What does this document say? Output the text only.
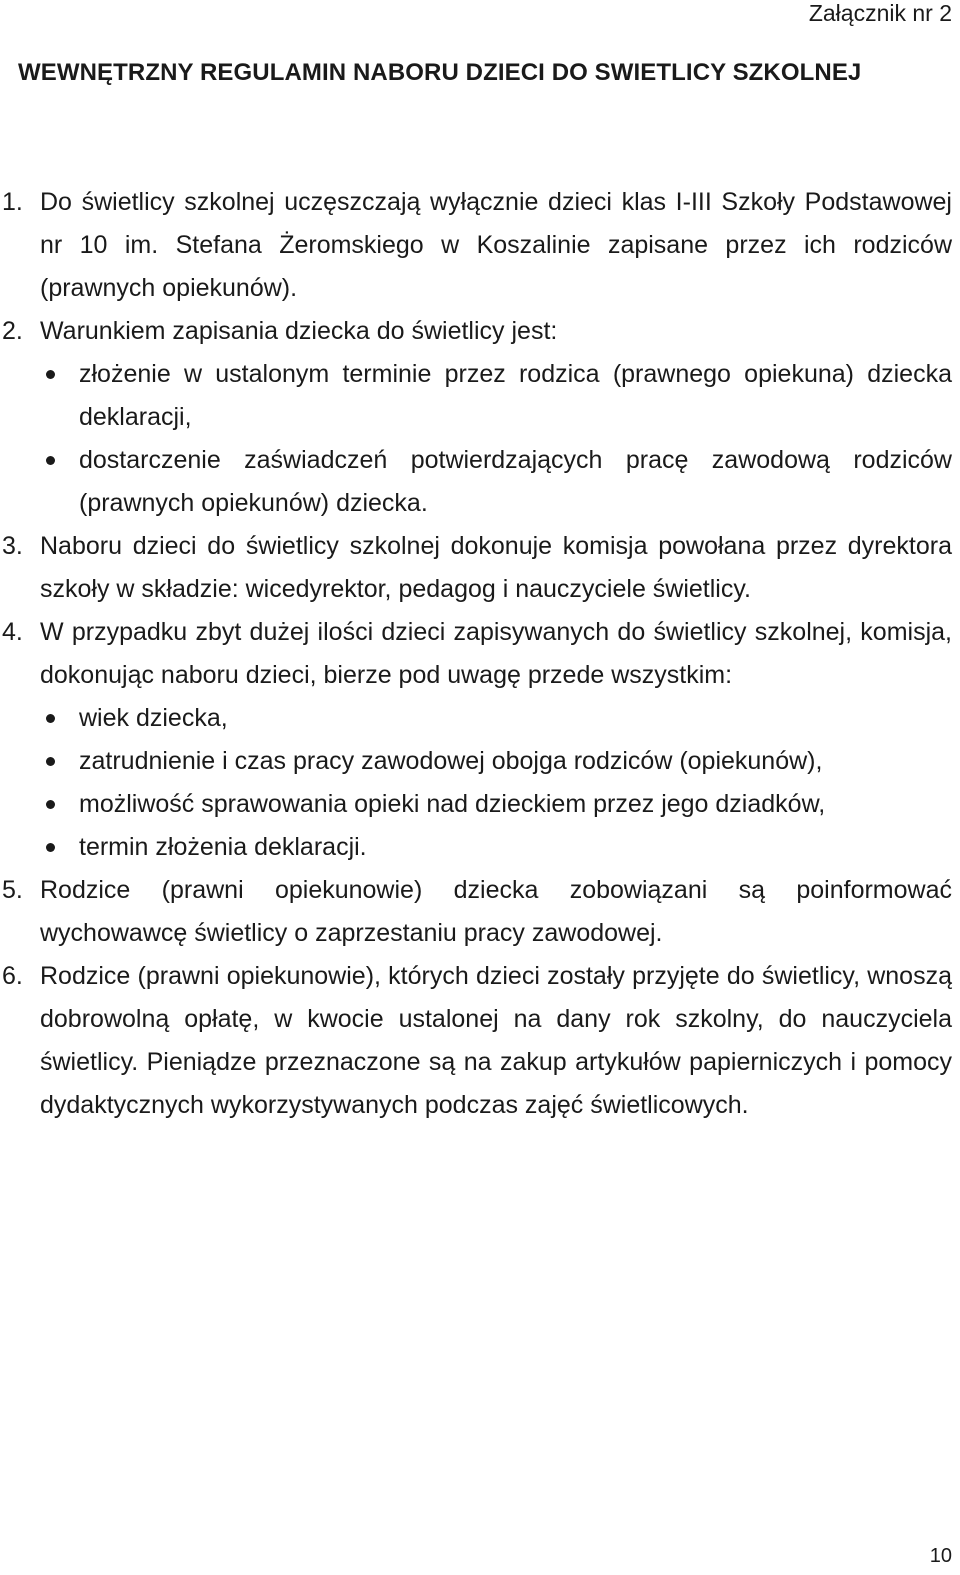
Załącznik nr 2
WEWNĘTRZNY REGULAMIN NABORU DZIECI DO SWIETLICY SZKOLNEJ
1. Do świetlicy szkolnej uczęszczają wyłącznie dzieci klas I-III Szkoły Podstawowej nr 10 im. Stefana Żeromskiego w Koszalinie zapisane przez ich rodziców (prawnych opiekunów).
2. Warunkiem zapisania dziecka do świetlicy jest:
złożenie w ustalonym terminie przez rodzica (prawnego opiekuna) dziecka deklaracji,
dostarczenie zaświadczeń potwierdzających pracę zawodową rodziców (prawnych opiekunów) dziecka.
3. Naboru dzieci do świetlicy szkolnej dokonuje komisja powołana przez dyrektora szkoły w składzie: wicedyrektor, pedagog i nauczyciele świetlicy.
4. W przypadku zbyt dużej ilości dzieci zapisywanych do świetlicy szkolnej, komisja, dokonując naboru dzieci, bierze pod uwagę przede wszystkim:
wiek dziecka,
zatrudnienie i czas pracy zawodowej obojga rodziców (opiekunów),
możliwość sprawowania opieki nad dzieckiem przez jego dziadków,
termin złożenia deklaracji.
5. Rodzice (prawni opiekunowie) dziecka zobowiązani są poinformować wychowawcę świetlicy o zaprzestaniu pracy zawodowej.
6. Rodzice (prawni opiekunowie), których dzieci zostały przyjęte do świetlicy, wnoszą dobrowolną opłatę, w kwocie ustalonej na dany rok szkolny, do nauczyciela świetlicy. Pieniądze przeznaczone są na zakup artykułów papierniczych i pomocy dydaktycznych wykorzystywanych podczas zajęć świetlicowych.
10
